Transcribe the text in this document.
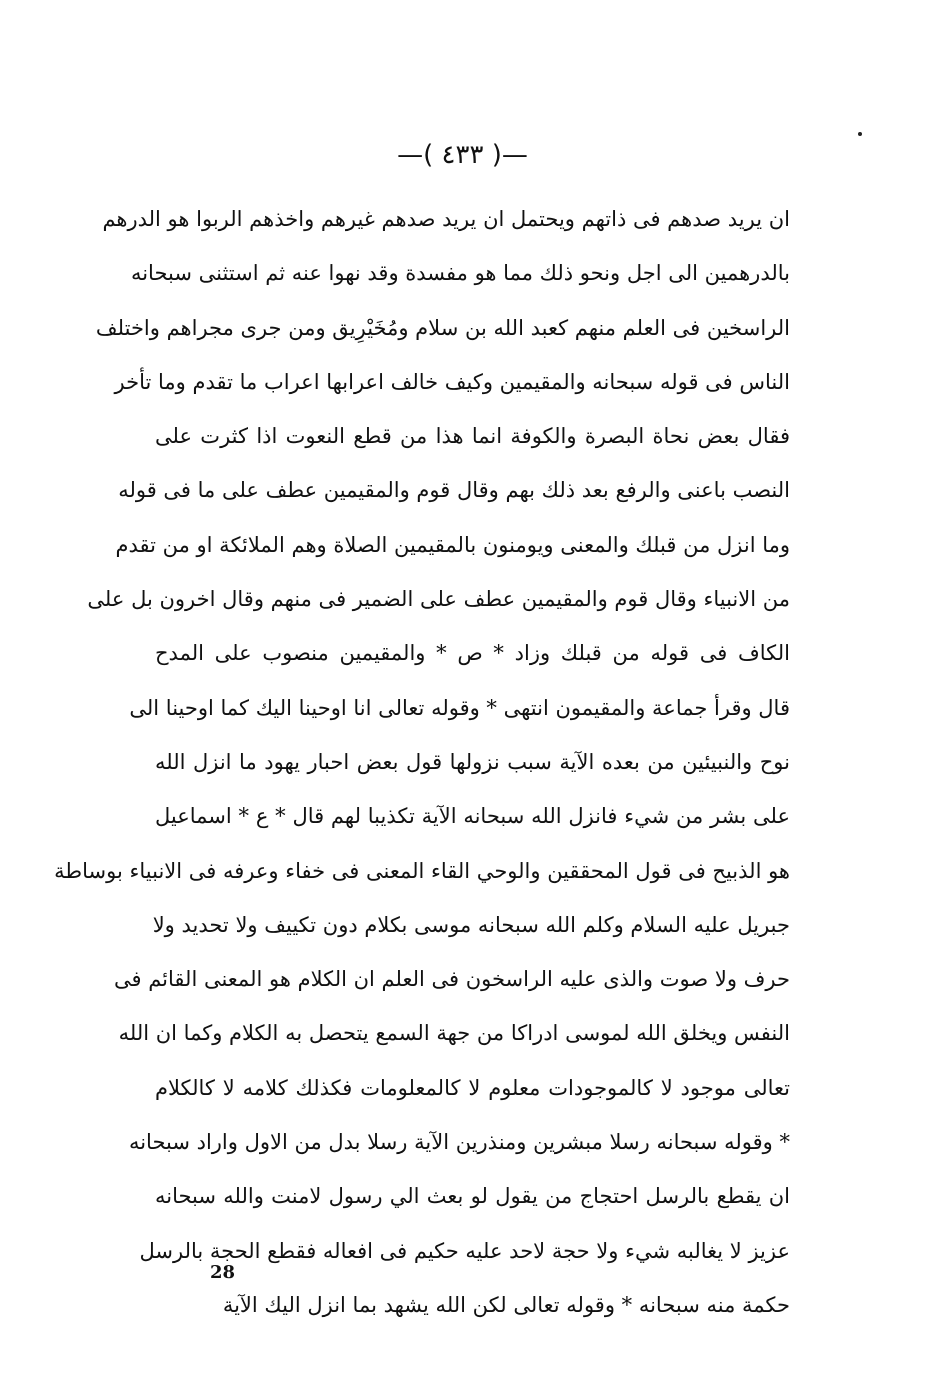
—( ٤٣٣ )—
ان يريد صدهم فى ذاتهم ويحتمل ان يريد صدهم غيرهم واخذهم الربوا هو الدرهم
بالدرهمين الى اجل ونحو ذلك مما هو مفسدة وقد نهوا عنه ثم استثنى سبحانه
الراسخين فى العلم منهم كعبد الله بن سلام ومُخَيْرِيق ومن جرى مجراهم واختلف
الناس فى قوله سبحانه والمقيمين وكيف خالف اعرابها اعراب ما تقدم وما تأخر
فقال بعض نحاة البصرة والكوفة انما هذا من قطع النعوت اذا كثرت على
النصب باعنى والرفع بعد ذلك بهم وقال قوم والمقيمين عطف على ما فى قوله
وما انزل من قبلك والمعنى ويومنون بالمقيمين الصلاة وهم الملائكة او من تقدم
من الانبياء وقال قوم والمقيمين عطف على الضمير فى منهم وقال اخرون بل على
الكاف فى قوله من قبلك وزاد * ص * والمقيمين منصوب على المدح
قال وقرأ جماعة والمقيمون انتهى * وقوله تعالى انا اوحينا اليك كما اوحينا الى
نوح والنبيئين من بعده الآية سبب نزولها قول بعض احبار يهود ما انزل الله
على بشر من شيء فانزل الله سبحانه الآية تكذيبا لهم قال * ع * اسماعيل
هو الذبيح فى قول المحققين والوحي القاء المعنى فى خفاء وعرفه فى الانبياء بوساطة
جبريل عليه السلام وكلم الله سبحانه موسى بكلام دون تكييف ولا تحديد ولا
حرف ولا صوت والذى عليه الراسخون فى العلم ان الكلام هو المعنى القائم فى
النفس ويخلق الله لموسى ادراكا من جهة السمع يتحصل به الكلام وكما ان الله
تعالى موجود لا كالموجودات معلوم لا كالمعلومات فكذلك كلامه لا كالكلام
* وقوله سبحانه رسلا مبشرين ومنذرين الآية رسلا بدل من الاول واراد سبحانه
ان يقطع بالرسل احتجاج من يقول لو بعث الي رسول لامنت والله سبحانه
عزيز لا يغالبه شيء ولا حجة لاحد عليه حكيم فى افعاله فقطع الحجة بالرسل
حكمة منه سبحانه * وقوله تعالى لكن الله يشهد بما انزل اليك الآية
28
